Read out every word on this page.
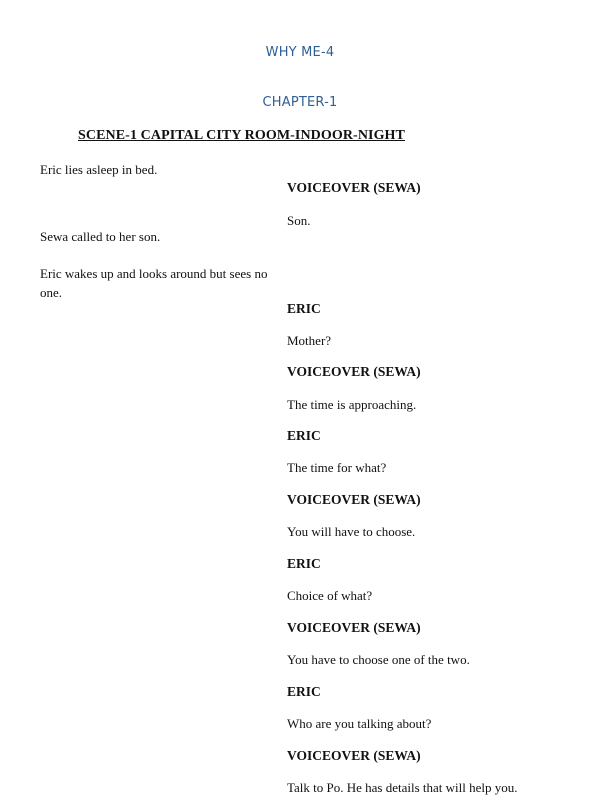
WHY ME-4
CHAPTER-1
SCENE-1 CAPITAL CITY ROOM-INDOOR-NIGHT
Eric lies asleep in bed.
Sewa called to her son.
Eric wakes up and looks around but sees no one.
VOICEOVER (SEWA)
Son.
ERIC
Mother?
VOICEOVER (SEWA)
The time is approaching.
ERIC
The time for what?
VOICEOVER (SEWA)
You will have to choose.
ERIC
Choice of what?
VOICEOVER (SEWA)
You have to choose one of the two.
ERIC
Who are you talking about?
VOICEOVER (SEWA)
Talk to Po. He has details that will help you.
